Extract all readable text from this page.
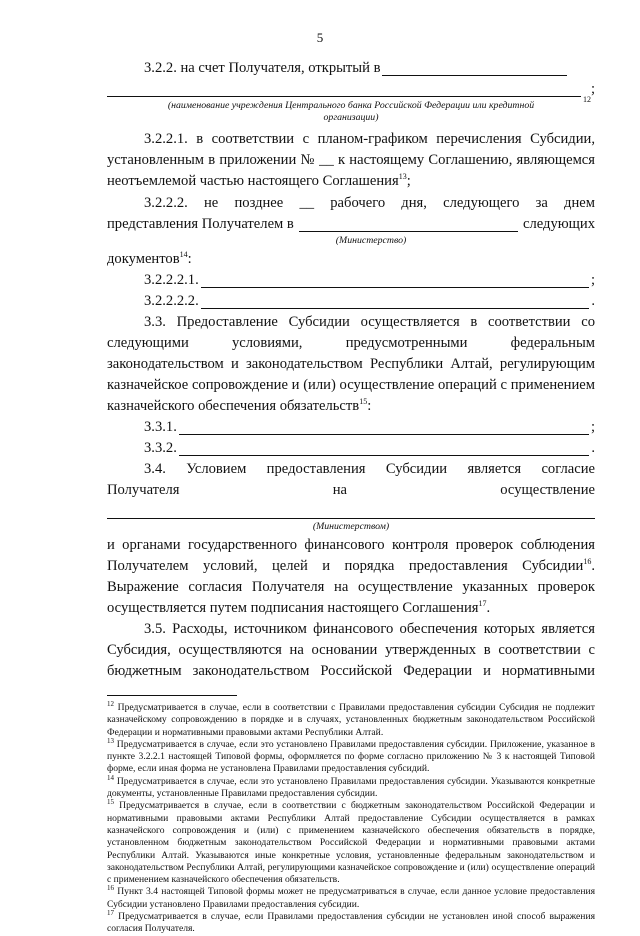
5
3.2.2. на счет Получателя, открытый в
12
;

(наименование учреждения Центрального банка Российской Федерации или кредитной организации)

3.2.2.1. в соответствии с планом-графиком перечисления Субсидии, установленным в приложении № __ к настоящему Соглашению, являющемся неотъемлемой частью настоящего Соглашения$^{13}$;

3.2.2.2. не позднее __ рабочего дня, следующего за днем

представления Получателем в	следующих

(Министерство)

документов$^{14}$:

3.2.2.2.1.	;
3.2.2.2.2.	.

3.3. Предоставление Субсидии осуществляется в соответствии со следующими условиями, предусмотренными федеральным законодательством и законодательством Республики Алтай, регулирующим казначейское сопровождение и (или) осуществление операций с применением казначейского обеспечения обязательств$^{15}$:

3.3.1.	;
3.3.2.	.

3.4. Условием предоставления Субсидии является согласие

Получателя	на	осуществление

(Министерством)

и органами государственного финансового контроля проверок соблюдения Получателем условий, целей и порядка предоставления Субсидии$^{16}$. Выражение согласия Получателя на осуществление указанных проверок осуществляется путем подписания настоящего Соглашения$^{17}$.

3.5. Расходы, источником финансового обеспечения которых является Субсидия, осуществляются на основании утвержденных в соответствии с бюджетным законодательством Российской Федерации и нормативными

$^{12}$ Предусматривается в случае, если в соответствии с Правилами предоставления субсидии Субсидия не подлежит казначейскому сопровождению в порядке и в случаях, установленных бюджетным законодательством Российской Федерации и нормативными правовыми актами Республики Алтай.

$^{13}$ Предусматривается в случае, если это установлено Правилами предоставления субсидии. Приложение, указанное в пункте 3.2.2.1 настоящей Типовой формы, оформляется по форме согласно приложению № 3 к настоящей Типовой форме, если иная форма не установлена Правилами предоставления субсидий.

$^{14}$ Предусматривается в случае, если это установлено Правилами предоставления субсидии. Указываются конкретные документы, установленные Правилами предоставления субсидии.

$^{15}$ Предусматривается в случае, если в соответствии с бюджетным законодательством Российской Федерации и нормативными правовыми актами Республики Алтай предоставление Субсидии осуществляется в рамках казначейского сопровождения и (или) с применением казначейского обеспечения обязательств в порядке, установленном бюджетным законодательством Российской Федерации и нормативными правовыми актами Республики Алтай. Указываются иные конкретные условия, установленные федеральным законодательством и законодательством Республики Алтай, регулирующими казначейское сопровождение и (или) осуществление операций с применением казначейского обеспечения обязательств.

$^{16}$ Пункт 3.4 настоящей Типовой формы может не предусматриваться в случае, если данное условие предоставления Субсидии установлено Правилами предоставления субсидии.

$^{17}$ Предусматривается в случае, если Правилами предоставления субсидии не установлен иной способ выражения согласия Получателя.
